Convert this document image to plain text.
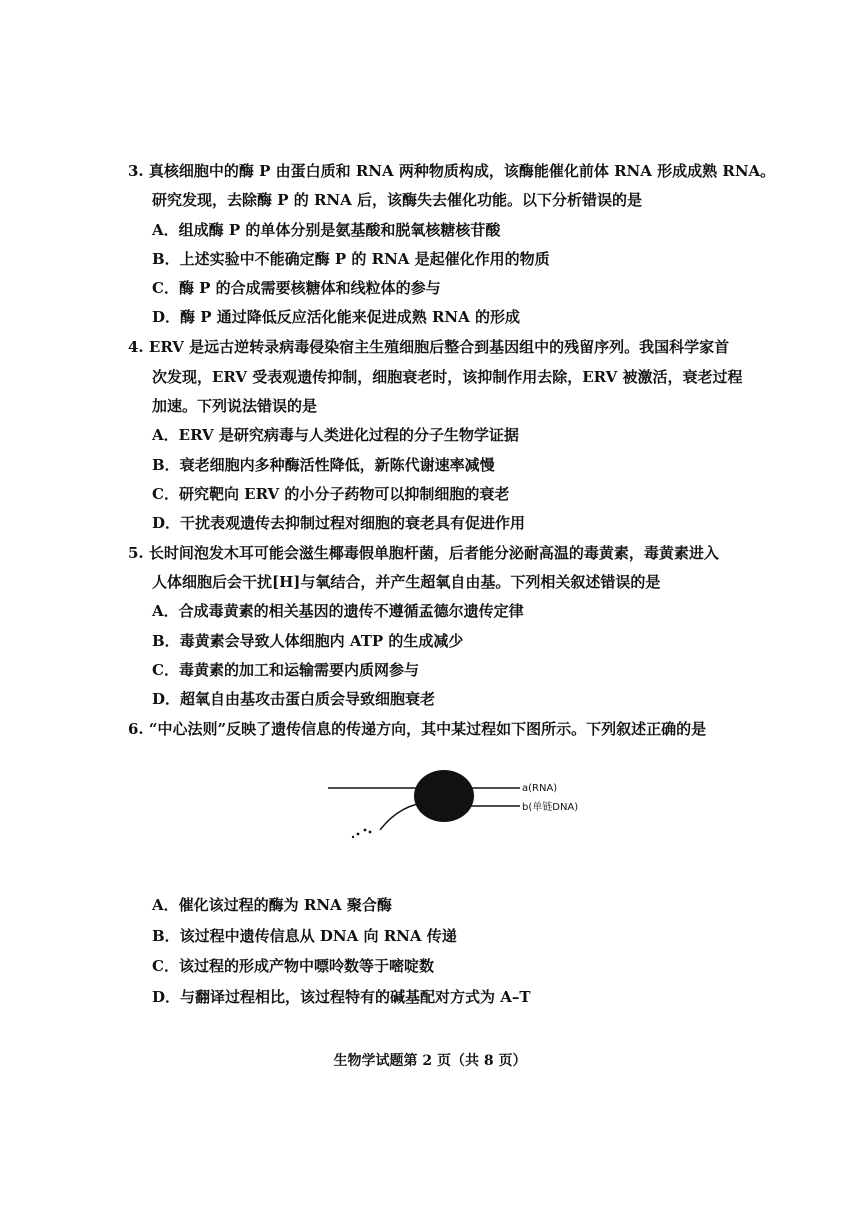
3. 真核细胞中的酶 P 由蛋白质和 RNA 两种物质构成，该酶能催化前体 RNA 形成成熟 RNA。
研究发现，去除酶 P 的 RNA 后，该酶失去催化功能。以下分析错误的是
A．组成酶 P 的单体分别是氨基酸和脱氧核糖核苷酸
B．上述实验中不能确定酶 P 的 RNA 是起催化作用的物质
C．酶 P 的合成需要核糖体和线粒体的参与
D．酶 P 通过降低反应活化能来促进成熟 RNA 的形成
4. ERV 是远古逆转录病毒侵染宿主生殖细胞后整合到基因组中的残留序列。我国科学家首
次发现，ERV 受表观遗传抑制，细胞衰老时，该抑制作用去除，ERV 被激活，衰老过程
加速。下列说法错误的是
A．ERV 是研究病毒与人类进化过程的分子生物学证据
B．衰老细胞内多种酶活性降低，新陈代谢速率减慢
C．研究靶向 ERV 的小分子药物可以抑制细胞的衰老
D．干扰表观遗传去抑制过程对细胞的衰老具有促进作用
5. 长时间泡发木耳可能会滋生椰毒假单胞杆菌，后者能分泌耐高温的毒黄素，毒黄素进入
人体细胞后会干扰[H]与氧结合，并产生超氧自由基。下列相关叙述错误的是
A．合成毒黄素的相关基因的遗传不遵循孟德尔遗传定律
B．毒黄素会导致人体细胞内 ATP 的生成减少
C．毒黄素的加工和运输需要内质网参与
D．超氧自由基攻击蛋白质会导致细胞衰老
6. “中心法则”反映了遗传信息的传递方向，其中某过程如下图所示。下列叙述正确的是
a(RNA)
b(单链DNA)
A．催化该过程的酶为 RNA 聚合酶
B．该过程中遗传信息从 DNA 向 RNA 传递
C．该过程的形成产物中嘌呤数等于嘧啶数
D．与翻译过程相比，该过程特有的碱基配对方式为 A–T
生物学试题第 2 页（共 8 页）
